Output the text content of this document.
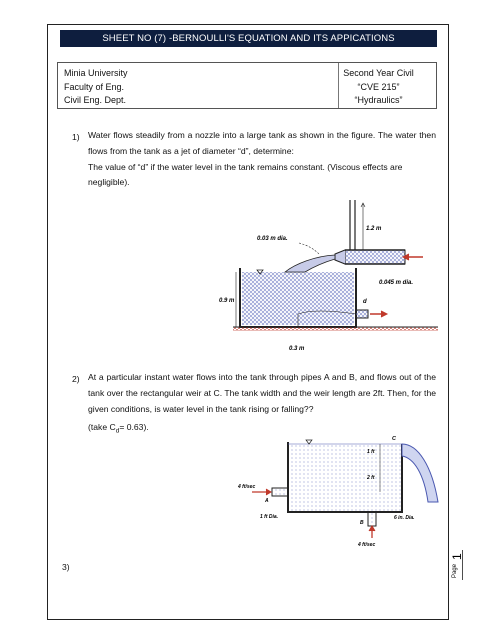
SHEET NO (7) -BERNOULLI'S EQUATION AND ITS APPICATIONS
Minia University
Faculty of Eng.
Civil Eng. Dept.
Second Year Civil
“CVE 215”
“Hydraulics”
1) Water flows steadily from a nozzle into a large tank as shown in the figure. The water then flows from the tank as a jet of diameter “d”, determine:
The value of “d” if the water level in the tank remains constant. (Viscous effects are negligible).
1.2 m
0.03 m dia.
0.045 m dia.
0.9 m	d
0.3 m
2) At a particular instant water flows into the tank through pipes A and B, and flows out of the tank over the rectangular weir at C. The tank width and the weir length are 2ft. Then, for the given conditions, is water level in the tank rising or falling??
(take $C_d= 0.63$).
C
1 ft
2 ft
4 ft/sec
A
1 ft Dia.
B
6 in. Dia.
4 ft/sec
3)	Page
1
